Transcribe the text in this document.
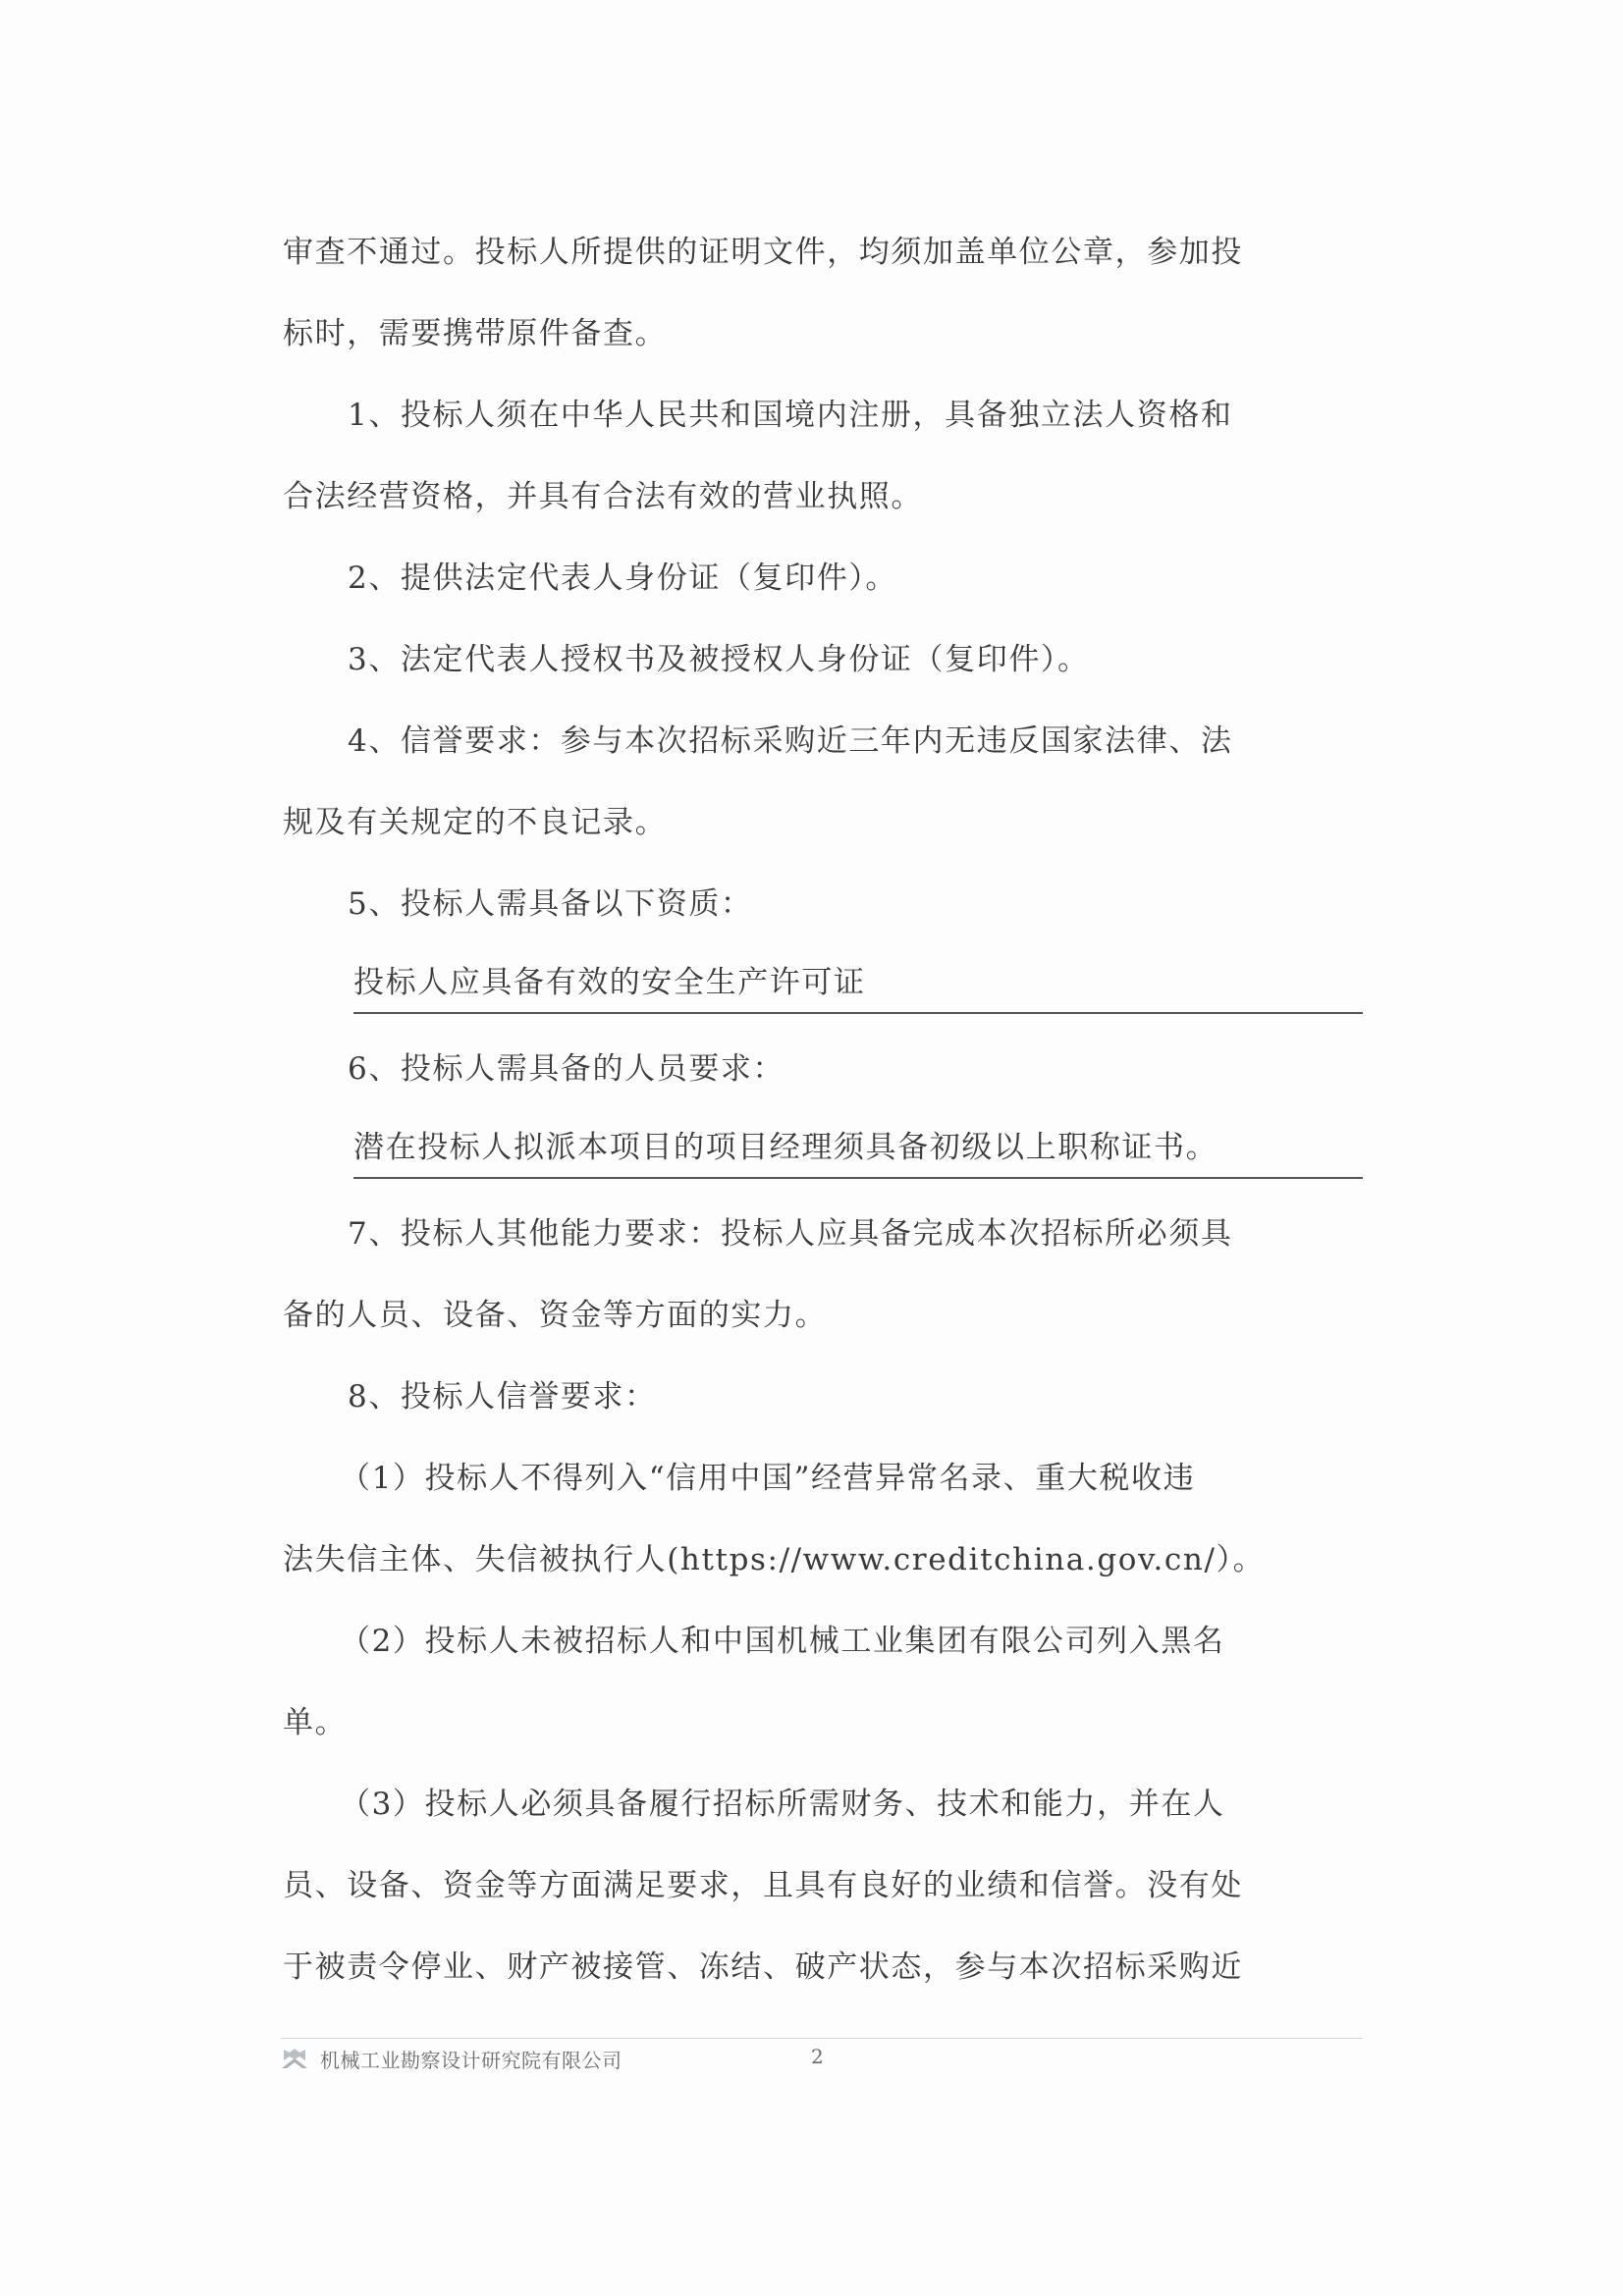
审查不通过。投标人所提供的证明文件，均须加盖单位公章，参加投
标时，需要携带原件备查。
1、投标人须在中华人民共和国境内注册，具备独立法人资格和
合法经营资格，并具有合法有效的营业执照。
2、提供法定代表人身份证（复印件）。
3、法定代表人授权书及被授权人身份证（复印件）。
4、信誉要求：参与本次招标采购近三年内无违反国家法律、法
规及有关规定的不良记录。
5、投标人需具备以下资质：
投标人应具备有效的安全生产许可证
6、投标人需具备的人员要求：
潜在投标人拟派本项目的项目经理须具备初级以上职称证书。
7、投标人其他能力要求：投标人应具备完成本次招标所必须具
备的人员、设备、资金等方面的实力。
8、投标人信誉要求：
（1）投标人不得列入“信用中国”经营异常名录、重大税收违
法失信主体、失信被执行人(https://www.creditchina.gov.cn/）。
（2）投标人未被招标人和中国机械工业集团有限公司列入黑名
单。
（3）投标人必须具备履行招标所需财务、技术和能力，并在人
员、设备、资金等方面满足要求，且具有良好的业绩和信誉。没有处
于被责令停业、财产被接管、冻结、破产状态，参与本次招标采购近
机械工业勘察设计研究院有限公司	2
